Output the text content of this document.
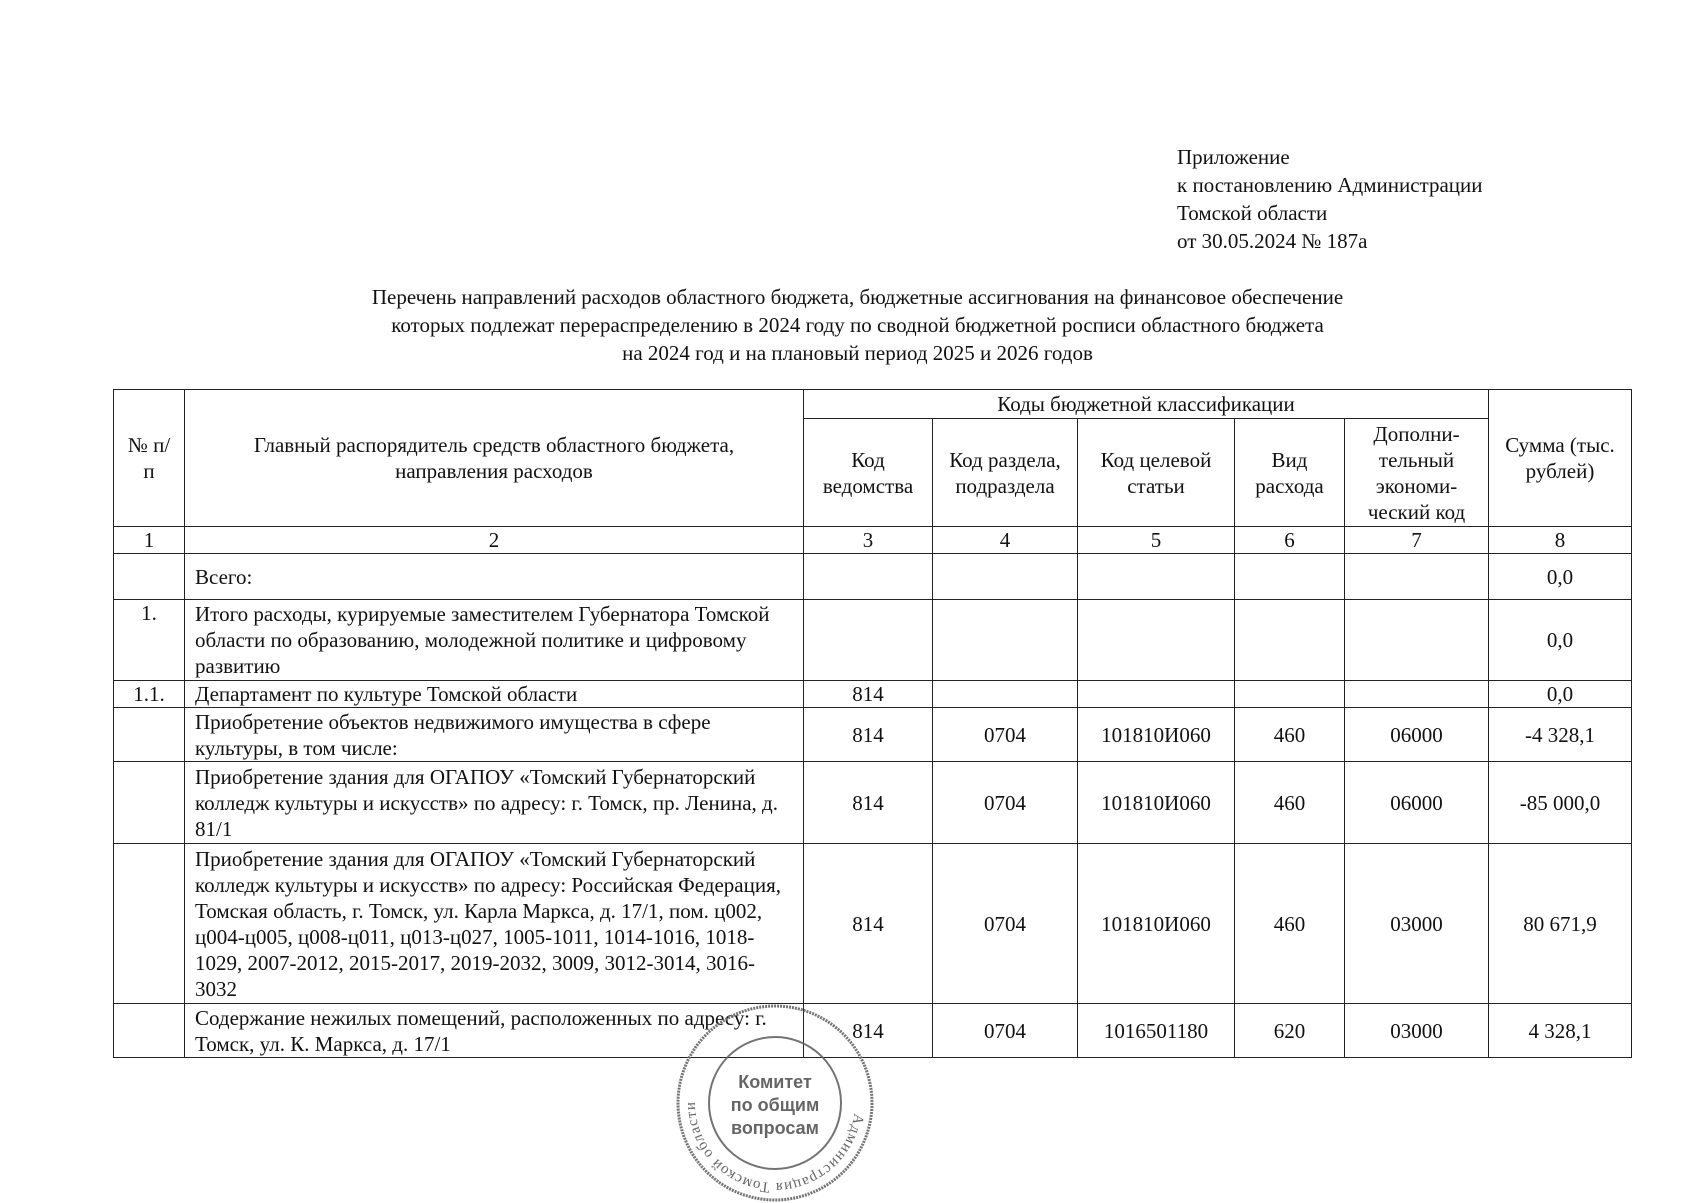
Приложение
к постановлению Администрации
Томской области
от 30.05.2024 № 187а
Перечень направлений расходов областного бюджета, бюджетные ассигнования на финансовое обеспечение
которых подлежат перераспределению в 2024 году по сводной бюджетной росписи областного бюджета
на 2024 год и на плановый период 2025 и 2026 годов
№ п/п	Главный распорядитель средств областного бюджета, направления расходов	Коды бюджетной классификации					Сумма (тыс. рублей)
		Код ведомства	Код раздела, подраздела	Код целевой статьи	Вид расхода	Дополни-тельный экономи-ческий код	
1	2	3	4	5	6	7	8
	Всего:						0,0
1.	Итого расходы, курируемые заместителем Губернатора Томской области по образованию, молодежной политике и цифровому развитию						0,0
1.1.	Департамент по культуре Томской области	814					0,0
	Приобретение объектов недвижимого имущества в сфере культуры, в том числе:	814	0704	101810И060	460	06000	-4 328,1
	Приобретение здания для ОГАПОУ «Томский Губернаторский колледж культуры и искусств» по адресу: г. Томск, пр. Ленина, д. 81/1	814	0704	101810И060	460	06000	-85 000,0
	Приобретение здания для ОГАПОУ «Томский Губернаторский колледж культуры и искусств» по адресу: Российская Федерация, Томская область, г. Томск, ул. Карла Маркса, д. 17/1, пом. ц002, ц004-ц005, ц008-ц011, ц013-ц027, 1005-1011, 1014-1016, 1018-1029, 2007-2012, 2015-2017, 2019-2032, 3009, 3012-3014, 3016-3032	814	0704	101810И060	460	03000	80 671,9
	Содержание нежилых помещений, расположенных по адресу: г. Томск, ул. К. Маркса, д. 17/1	814	0704	1016501180	620	03000	4 328,1
Администрация Томской области
Комитет
по общим
вопросам
